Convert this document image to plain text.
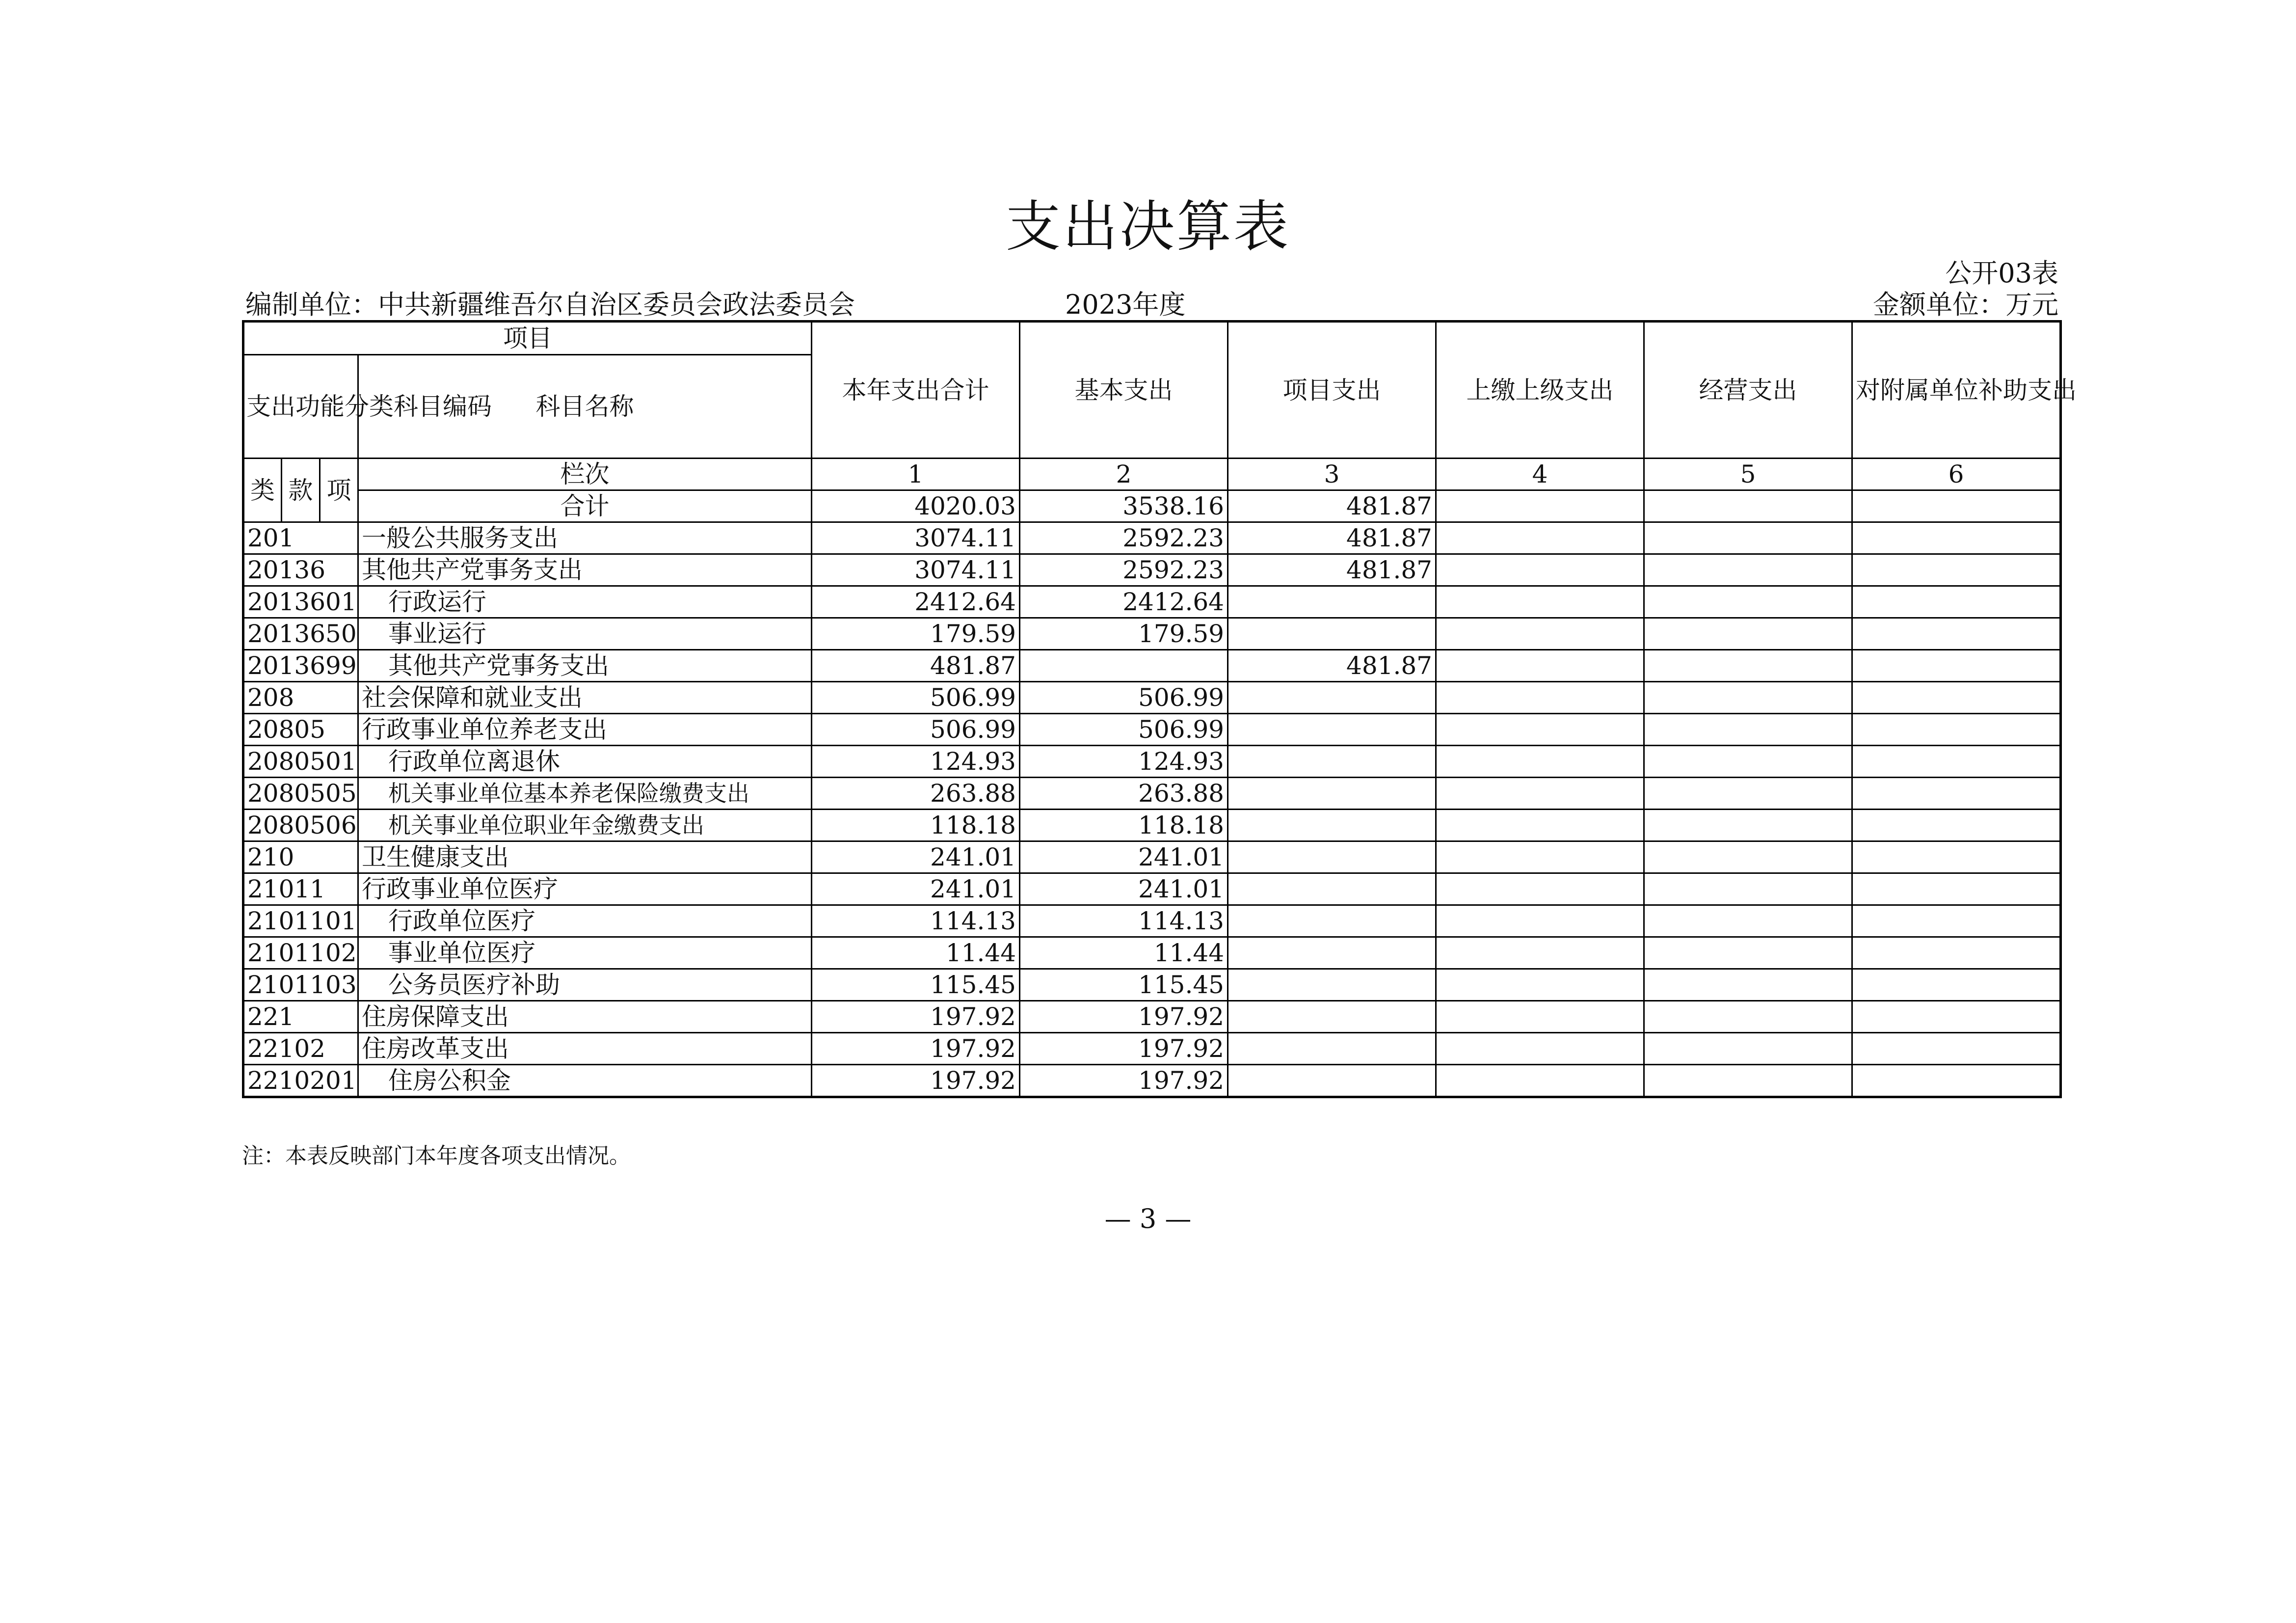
支出决算表
公开03表
编制单位：中共新疆维吾尔自治区委员会政法委员会	2023年度	金额单位：万元
项目				本年支出合计	基本支出	项目支出	上缴上级支出	经营支出	对附属单位补助支出
支出功能分类科目编码			科目名称						
类	款	项	栏次	1	2	3	4	5	6
			合计	4020.03	3538.16	481.87			
201			一般公共服务支出	3074.11	2592.23	481.87			
20136			其他共产党事务支出	3074.11	2592.23	481.87			
2013601			行政运行	2412.64	2412.64				
2013650			事业运行	179.59	179.59				
2013699			其他共产党事务支出	481.87		481.87			
208			社会保障和就业支出	506.99	506.99				
20805			行政事业单位养老支出	506.99	506.99				
2080501			行政单位离退休	124.93	124.93				
2080505			机关事业单位基本养老保险缴费支出	263.88	263.88				
2080506			机关事业单位职业年金缴费支出	118.18	118.18				
210			卫生健康支出	241.01	241.01				
21011			行政事业单位医疗	241.01	241.01				
2101101			行政单位医疗	114.13	114.13				
2101102			事业单位医疗	11.44	11.44				
2101103			公务员医疗补助	115.45	115.45				
221			住房保障支出	197.92	197.92				
22102			住房改革支出	197.92	197.92				
2210201			住房公积金	197.92	197.92				
注：本表反映部门本年度各项支出情况。
— 3 —
